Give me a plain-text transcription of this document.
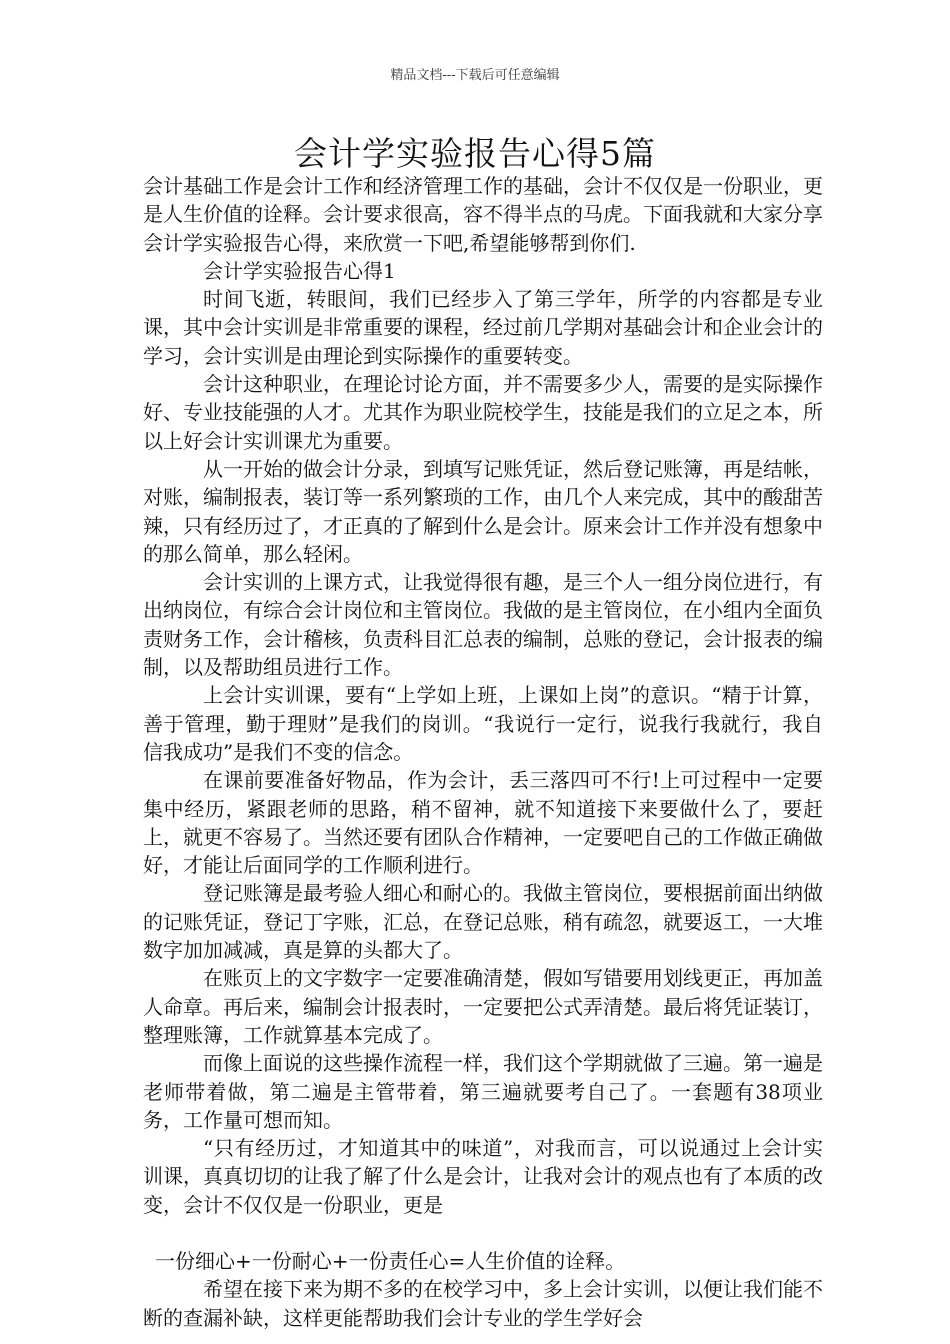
精品文档---下载后可任意编辑
会计学实验报告心得5篇

会计基础工作是会计工作和经济管理工作的基础，会计不仅仅是一份职业，更是人生价值的诠释。会计要求很高，容不得半点的马虎。下面我就和大家分享会计学实验报告心得，来欣赏一下吧,希望能够帮到你们.

会计学实验报告心得1

时间飞逝，转眼间，我们已经步入了第三学年，所学的内容都是专业课，其中会计实训是非常重要的课程，经过前几学期对基础会计和企业会计的学习，会计实训是由理论到实际操作的重要转变。

会计这种职业，在理论讨论方面，并不需要多少人，需要的是实际操作好、专业技能强的人才。尤其作为职业院校学生，技能是我们的立足之本，所以上好会计实训课尤为重要。

从一开始的做会计分录，到填写记账凭证，然后登记账簿，再是结帐，对账，编制报表，装订等一系列繁琐的工作，由几个人来完成，其中的酸甜苦辣，只有经历过了，才正真的了解到什么是会计。原来会计工作并没有想象中的那么简单，那么轻闲。

会计实训的上课方式，让我觉得很有趣，是三个人一组分岗位进行，有出纳岗位，有综合会计岗位和主管岗位。我做的是主管岗位，在小组内全面负责财务工作，会计稽核，负责科目汇总表的编制，总账的登记，会计报表的编制，以及帮助组员进行工作。

上会计实训课，要有“上学如上班，上课如上岗”的意识。“精于计算，善于管理，勤于理财”是我们的岗训。“我说行一定行，说我行我就行，我自信我成功”是我们不变的信念。

在课前要准备好物品，作为会计，丢三落四可不行!上可过程中一定要集中经历，紧跟老师的思路，稍不留神，就不知道接下来要做什么了，要赶上，就更不容易了。当然还要有团队合作精神，一定要吧自己的工作做正确做好，才能让后面同学的工作顺利进行。

登记账簿是最考验人细心和耐心的。我做主管岗位，要根据前面出纳做的记账凭证，登记丁字账，汇总，在登记总账，稍有疏忽，就要返工，一大堆数字加加减减，真是算的头都大了。

在账页上的文字数字一定要准确清楚，假如写错要用划线更正，再加盖人命章。再后来，编制会计报表时，一定要把公式弄清楚。最后将凭证装订，整理账簿，工作就算基本完成了。

而像上面说的这些操作流程一样，我们这个学期就做了三遍。第一遍是老师带着做，第二遍是主管带着，第三遍就要考自己了。一套题有38项业务，工作量可想而知。

“只有经历过，才知道其中的味道”，对我而言，可以说通过上会计实训课，真真切切的让我了解了什么是会计，让我对会计的观点也有了本质的改变，会计不仅仅是一份职业，更是

一份细心+一份耐心+一份责任心=人生价值的诠释。

希望在接下来为期不多的在校学习中，多上会计实训，以便让我们能不断的查漏补缺，这样更能帮助我们会计专业的学生学好会
